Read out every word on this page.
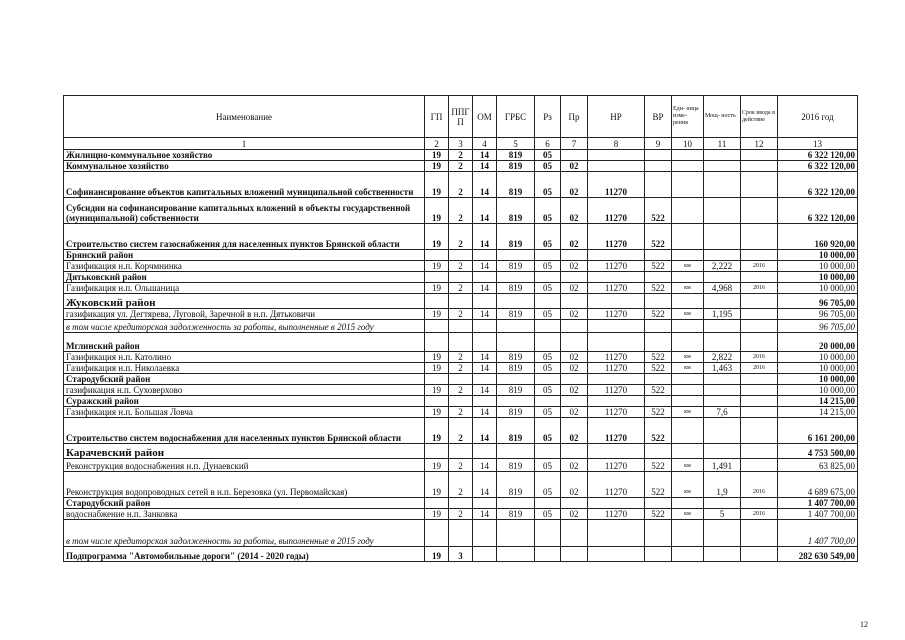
·
Наименование	ГП	ППГ П	ОМ	ГРБС	Рз	Пр	НР	ВР	Еди- ница изме- рения	Мощ- ность	Срок ввода в действие	2016 год
1	2	3	4	5	6	7	8	9	10	11	12	13
Жилищно-коммунальное хозяйство	19	2	14	819	05							6 322 120,00
Коммунальное хозяйство	19	2	14	819	05	02						6 322 120,00
Софинансирование объектов капитальных вложений муниципальной собственности	19	2	14	819	05	02	11270					6 322 120,00
Субсидии на софинансирование капитальных вложений в объекты государственной (муниципальной) собственности	19	2	14	819	05	02	11270	522				6 322 120,00
Строительство систем газоснабжения для населенных пунктов Брянской области	19	2	14	819	05	02	11270	522				160 920,00
Брянский район												10 000,00
Газификация н.п. Корчмнинка	19	2	14	819	05	02	11270	522	км	2,222	2016	10 000,00
Дятьковский район												10 000,00
Газификация н.п. Ольшаница	19	2	14	819	05	02	11270	522	км	4,968	2016	10 000,00
Жуковский район												96 705,00
газификация ул. Дегтярева, Луговой, Заречной в н.п. Дятьковичи	19	2	14	819	05	02	11270	522	км	1,195		96 705,00
в том числе кредиторская задолженность за работы, выполненные в 2015 году												96 705,00
Мглинский район												20 000,00
Газификация н.п. Католино	19	2	14	819	05	02	11270	522	км	2,822	2016	10 000,00
Газификация н.п. Николаевка	19	2	14	819	05	02	11270	522	км	1,463	2016	10 000,00
Стародубский район												10 000,00
газификация н.п. Суховерхово	19	2	14	819	05	02	11270	522				10 000,00
Суражский район												14 215,00
Газификация н.п. Большая Ловча	19	2	14	819	05	02	11270	522	км	7,6		14 215,00
Строительство систем водоснабжения для населенных пунктов Брянской области	19	2	14	819	05	02	11270	522				6 161 200,00
Карачевский район												4 753 500,00
Реконструкция водоснабжения н.п. Дунаевский	19	2	14	819	05	02	11270	522	км	1,491		63 825,00
Реконструкция водопроводных сетей в н.п. Березовка (ул. Первомайская)	19	2	14	819	05	02	11270	522	км	1,9	2016	4 689 675,00
Стародубский район												1 407 700,00
водоснабжение н.п. Занковка	19	2	14	819	05	02	11270	522	км	5	2016	1 407 700,00
в том числе кредиторская задолженность за работы, выполненные в 2015 году												1 407 700,00
Подпрограмма "Автомобильные дороги" (2014 - 2020 годы)	19	3										282 630 549,00
12
